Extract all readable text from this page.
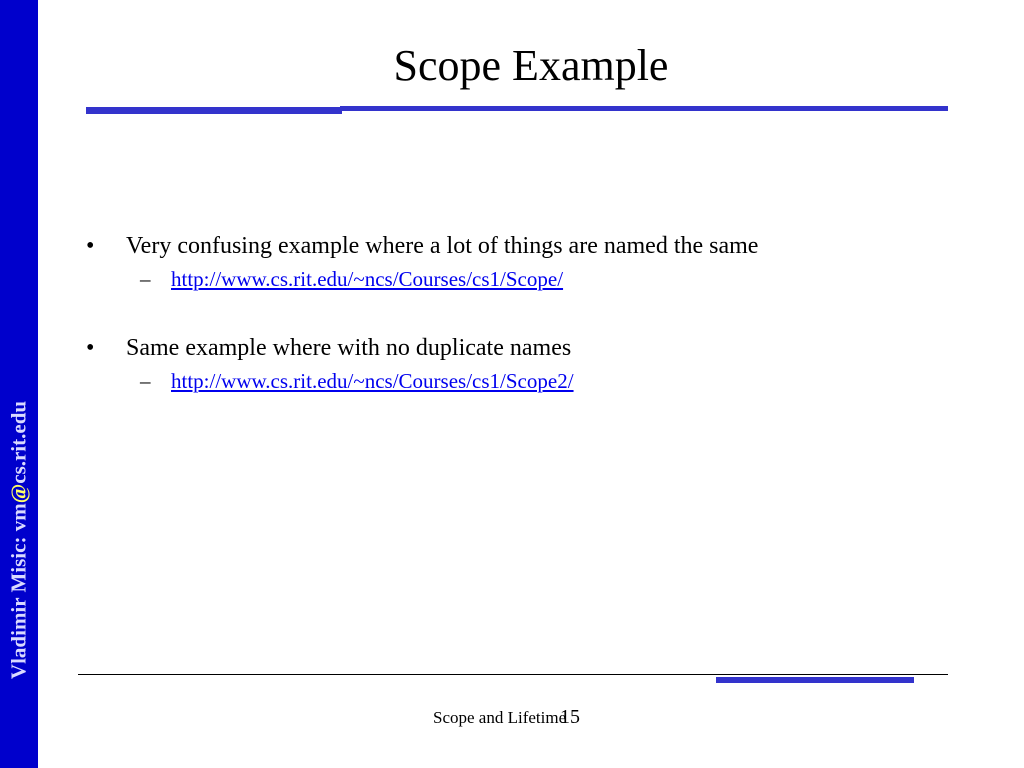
Vladimir Misic: vm@cs.rit.edu
Scope Example
• Very confusing example where a lot of things are named the same
– http://www.cs.rit.edu/~ncs/Courses/cs1/Scope/
• Same example where with no duplicate names
– http://www.cs.rit.edu/~ncs/Courses/cs1/Scope2/
Scope and Lifetime
15
